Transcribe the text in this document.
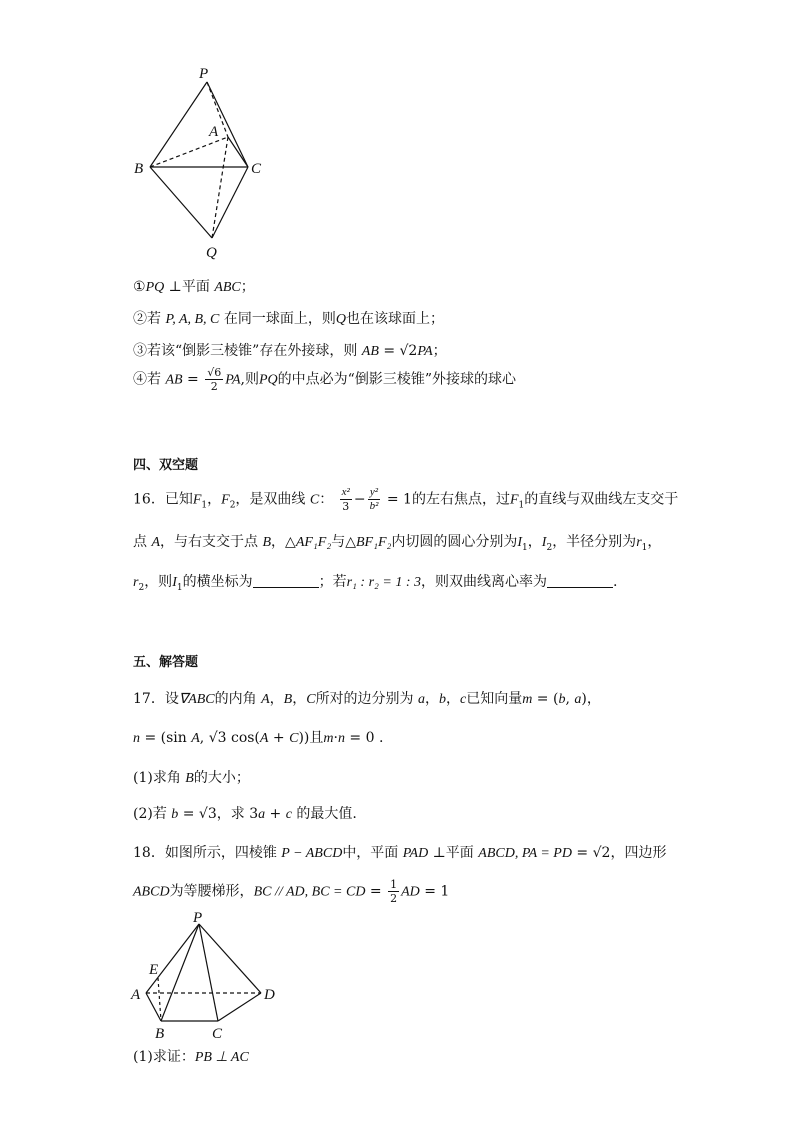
P
A
B	C
Q
①PQ ⊥平面 ABC；
②若 P, A, B, C 在同一球面上，则Q也在该球面上；
③若该“倒影三棱锥”存在外接球，则 AB = √2PA；
④若 AB = $\frac{√6}{2}$ PA,则PQ的中点必为“倒影三棱锥”外接球的球心
四、双空题
16．已知$F_1$，$F_2$，是双曲线 C： $\frac{\text{x²}}{3} - \frac{\text{y²}}{\text{b²}} = 1$的左右焦点，过$F_1$的直线与双曲线左支交于
点 A，与右支交于点 B，△AF₁F₂与△BF₁F₂内切圆的圆心分别为$I_1$，$I_2$，半径分别为$r_1$，
$r_2$，则$I_1$的横坐标为	；若r₁ : r₂ = 1 : 3，则双曲线离心率为	.
五、解答题
17．设∇ABC的内角 A，B，C所对的边分别为 a，b，c已知向量m = (b, a)，
n = (sin A, √3 cos(A + C))且m·n = 0 .
(1)求角 B的大小；
(2)若 b = √3，求 3a + c 的最大值.
18．如图所示，四棱锥 P − ABCD中，平面 PAD ⊥平面 ABCD, PA = PD = √2，四边形
ABCD为等腰梯形，BC // AD, BC = CD = $\frac{1}{2}$ AD = 1
P
E
A	D
B	C
(1)求证：PB ⊥ AC
